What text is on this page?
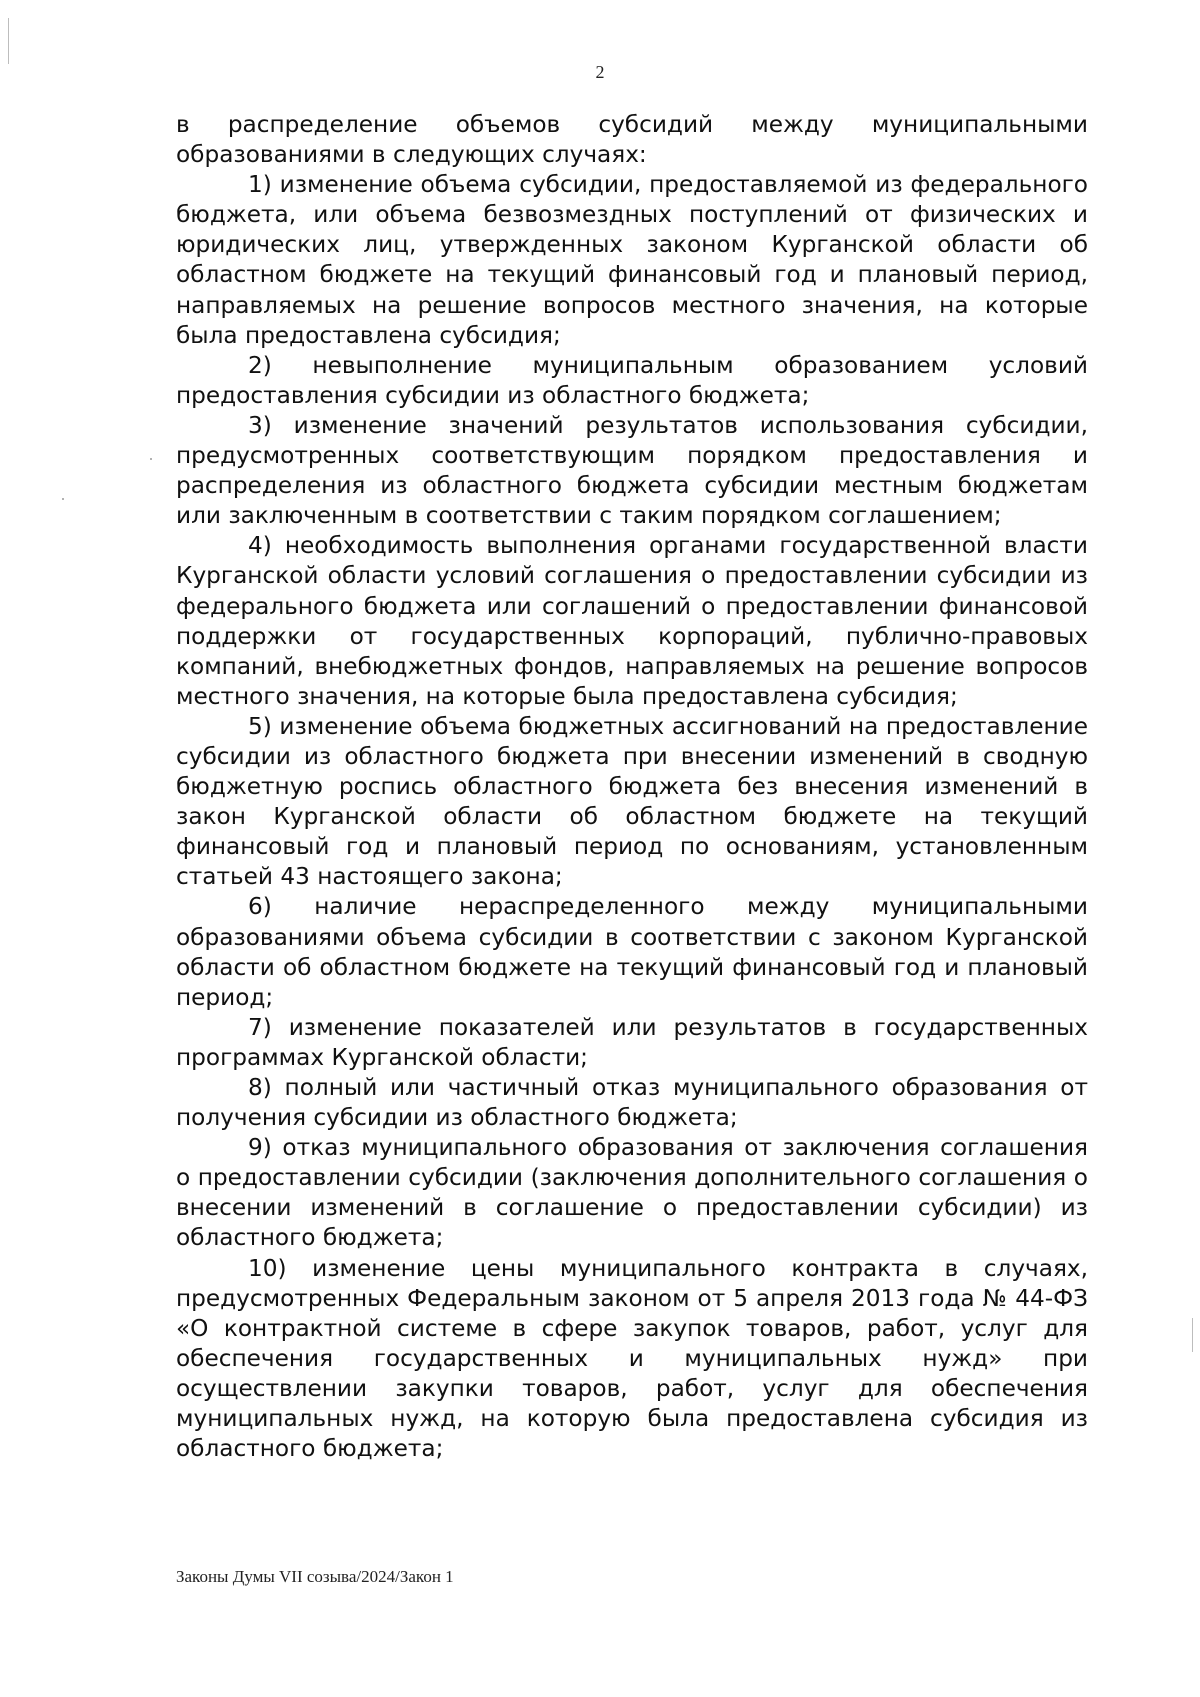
2

в распределение объемов субсидий между муниципальными образованиями в следующих случаях:

1) изменение объема субсидии, предоставляемой из федерального бюджета, или объема безвозмездных поступлений от физических и юридических лиц, утвержденных законом Курганской области об областном бюджете на текущий финансовый год и плановый период, направляемых на решение вопросов местного значения, на которые была предоставлена субсидия;

2) невыполнение муниципальным образованием условий предоставления субсидии из областного бюджета;

3) изменение значений результатов использования субсидии, предусмотренных соответствующим порядком предоставления и распределения из областного бюджета субсидии местным бюджетам или заключенным в соответствии с таким порядком соглашением;

4) необходимость выполнения органами государственной власти Курганской области условий соглашения о предоставлении субсидии из федерального бюджета или соглашений о предоставлении финансовой поддержки от государственных корпораций, публично-правовых компаний, внебюджетных фондов, направляемых на решение вопросов местного значения, на которые была предоставлена субсидия;

5) изменение объема бюджетных ассигнований на предоставление субсидии из областного бюджета при внесении изменений в сводную бюджетную роспись областного бюджета без внесения изменений в закон Курганской области об областном бюджете на текущий финансовый год и плановый период по основаниям, установленным статьей 43 настоящего закона;

6) наличие нераспределенного между муниципальными образованиями объема субсидии в соответствии с законом Курганской области об областном бюджете на текущий финансовый год и плановый период;

7) изменение показателей или результатов в государственных программах Курганской области;

8) полный или частичный отказ муниципального образования от получения субсидии из областного бюджета;

9) отказ муниципального образования от заключения соглашения о предоставлении субсидии (заключения дополнительного соглашения о внесении изменений в соглашение о предоставлении субсидии) из областного бюджета;

10) изменение цены муниципального контракта в случаях, предусмотренных Федеральным законом от 5 апреля 2013 года № 44-ФЗ «О контрактной системе в сфере закупок товаров, работ, услуг для обеспечения государственных и муниципальных нужд» при осуществлении закупки товаров, работ, услуг для обеспечения муниципальных нужд, на которую была предоставлена субсидия из областного бюджета;

Законы Думы VII созыва/2024/Закон 1
